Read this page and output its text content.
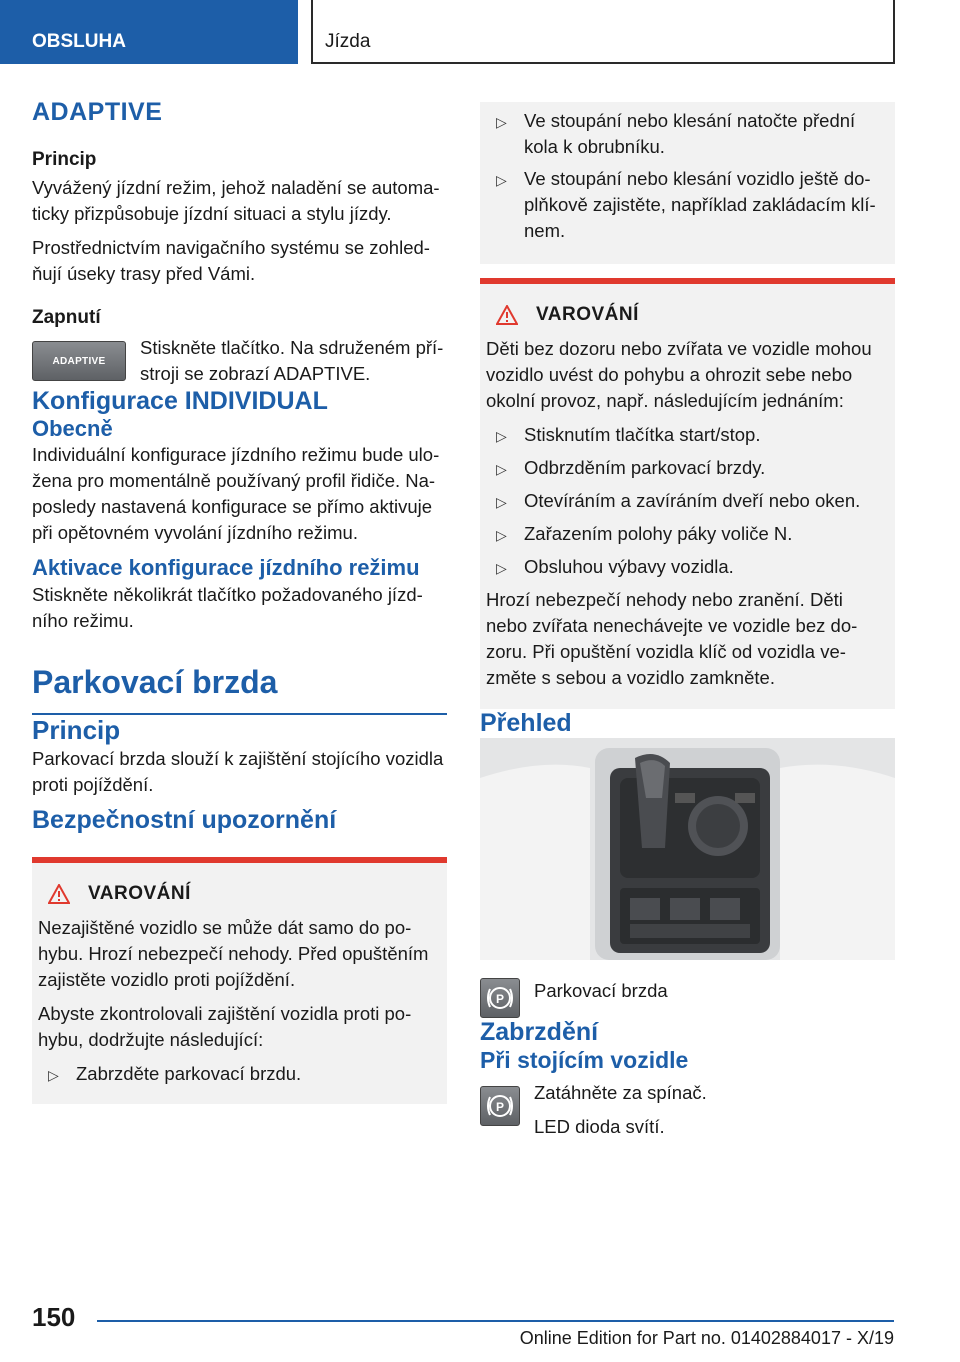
OBSLUHA	Jízda
ADAPTIVE
Princip

Vyvážený jízdní režim, jehož naladění se automa-ticky přizpůsobuje jízdní situaci a stylu jízdy.

Prostřednictvím navigačního systému se zohled-ňují úseky trasy před Vámi.

Zapnutí
ADAPTIVE

Stiskněte tlačítko. Na sdruženém pří-stroji se zobrazí ADAPTIVE.

Konfigurace INDIVIDUAL
Obecně

Individuální konfigurace jízdního režimu bude ulo-žena pro momentálně používaný profil řidiče. Na-posledy nastavená konfigurace se přímo aktivuje při opětovném vyvolání jízdního režimu.

Aktivace konfigurace jízdního režimu

Stiskněte několikrát tlačítko požadovaného jízd-ního režimu.

Parkovací brzda
Princip

Parkovací brzda slouží k zajištění stojícího vozidla proti pojíždění.

Bezpečnostní upozornění
VAROVÁNÍ

Nezajištěné vozidlo se může dát samo do po-hybu. Hrozí nebezpečí nehody. Před opuštěním zajistěte vozidlo proti pojíždění.

Abyste zkontrolovali zajištění vozidla proti po-hybu, dodržujte následující:

▷ Zabrzděte parkovací brzdu.
▷ Ve stoupání nebo klesání natočte přední kola k obrubníku.
▷ Ve stoupání nebo klesání vozidlo ještě do-plňkově zajistěte, například zakládacím klí-nem.
VAROVÁNÍ

Děti bez dozoru nebo zvířata ve vozidle mohou vozidlo uvést do pohybu a ohrozit sebe nebo okolní provoz, např. následujícím jednáním:

▷ Stisknutím tlačítka start/stop.
▷ Odbrzděním parkovací brzdy.
▷ Otevíráním a zavíráním dveří nebo oken.
▷ Zařazením polohy páky voliče N.
▷ Obsluhou výbavy vozidla.

Hrozí nebezpečí nehody nebo zranění. Děti nebo zvířata nenechávejte ve vozidle bez do-zoru. Při opuštění vozidla klíč od vozidla ve-změte s sebou a vozidlo zamkněte.

Přehled
P Parkovací brzda

Zabrzdění
Při stojícím vozidle
P

Zatáhněte za spínač.

LED dioda svítí.

150
Online Edition for Part no. 01402884017 - X/19
